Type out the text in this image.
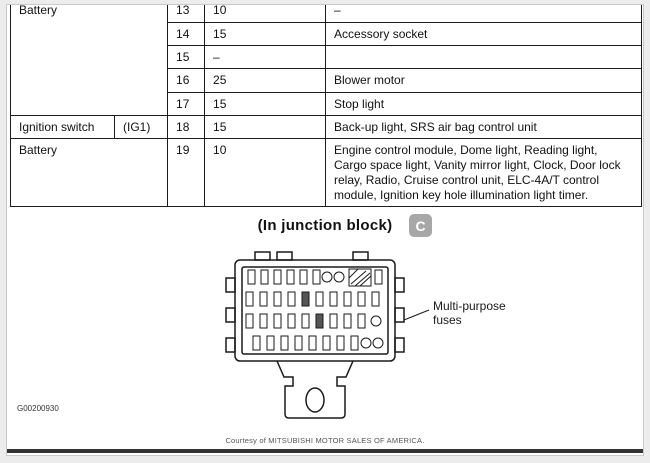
Battery		13	10	–
		14	15	Accessory socket
		15	–	
		16	25	Blower motor
		17	15	Stop light
Ignition switch	(IG1)	18	15	Back-up light, SRS air bag control unit
Battery		19	10	Engine control module, Dome light, Reading light, Cargo space light, Vanity mirror light, Clock, Door lock relay, Radio, Cruise control unit, ELC-4A/T control module, Ignition key hole illumination light timer.
(In junction block)	C
Multi-purpose
fuses
G00200930
Courtesy of MITSUBISHI MOTOR SALES OF AMERICA.
